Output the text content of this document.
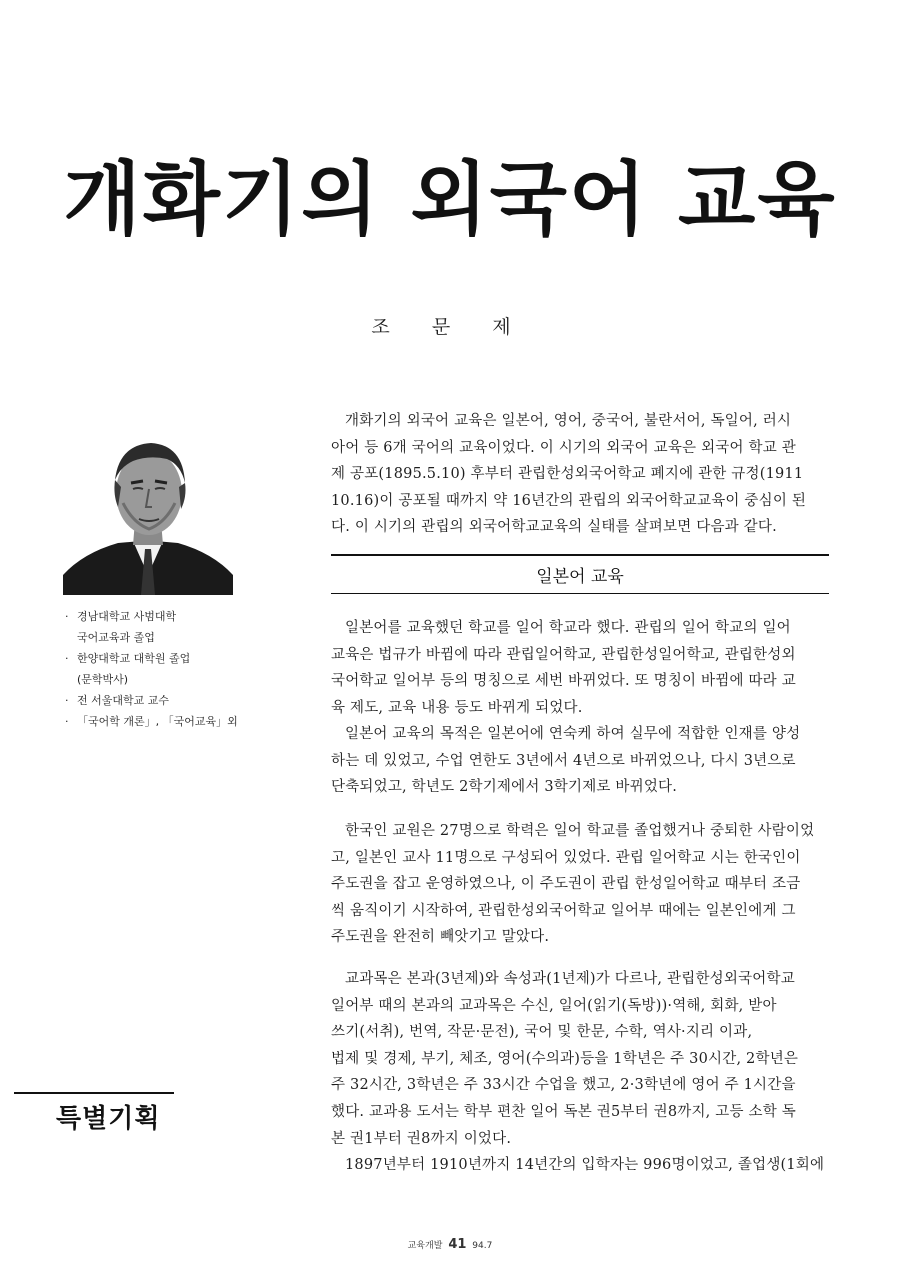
개화기의 외국어 교육
조 문 제
· 경남대학교 사범대학
국어교육과 졸업
· 한양대학교 대학원 졸업
(문학박사)
· 전 서울대학교 교수
· 「국어학 개론」, 「국어교육」외
특별기획

개화기의 외국어 교육은 일본어, 영어, 중국어, 불란서어, 독일어, 러시
아어 등 6개 국어의 교육이었다. 이 시기의 외국어 교육은 외국어 학교 관
제 공포(1895.5.10) 후부터 관립한성외국어학교 폐지에 관한 규정(1911
10.16)이 공포될 때까지 약 16년간의 관립의 외국어학교교육이 중심이 된
다. 이 시기의 관립의 외국어학교교육의 실태를 살펴보면 다음과 같다.

일본어 교육

일본어를 교육했던 학교를 일어 학교라 했다. 관립의 일어 학교의 일어
교육은 법규가 바뀜에 따라 관립일어학교, 관립한성일어학교, 관립한성외
국어학교 일어부 등의 명칭으로 세번 바뀌었다. 또 명칭이 바뀜에 따라 교
육 제도, 교육 내용 등도 바뀌게 되었다.

일본어 교육의 목적은 일본어에 연숙케 하여 실무에 적합한 인재를 양성
하는 데 있었고, 수업 연한도 3년에서 4년으로 바뀌었으나, 다시 3년으로
단축되었고, 학년도 2학기제에서 3학기제로 바뀌었다.

한국인 교원은 27명으로 학력은 일어 학교를 졸업했거나 중퇴한 사람이었
고, 일본인 교사 11명으로 구성되어 있었다. 관립 일어학교 시는 한국인이
주도권을 잡고 운영하였으나, 이 주도권이 관립 한성일어학교 때부터 조금
씩 움직이기 시작하여, 관립한성외국어학교 일어부 때에는 일본인에게 그
주도권을 완전히 빼앗기고 말았다.

교과목은 본과(3년제)와 속성과(1년제)가 다르나, 관립한성외국어학교
일어부 때의 본과의 교과목은 수신, 일어(읽기(독방))·역해, 회화, 받아
쓰기(서취), 번역, 작문·문전), 국어 및 한문, 수학, 역사·지리 이과,
법제 및 경제, 부기, 체조, 영어(수의과)등을 1학년은 주 30시간, 2학년은
주 32시간, 3학년은 주 33시간 수업을 했고, 2·3학년에 영어 주 1시간을
했다. 교과용 도서는 학부 편찬 일어 독본 권5부터 권8까지, 고등 소학 독
본 권1부터 권8까지 이었다.

1897년부터 1910년까지 14년간의 입학자는 996명이었고, 졸업생(1회에

교육개발 41 94.7
